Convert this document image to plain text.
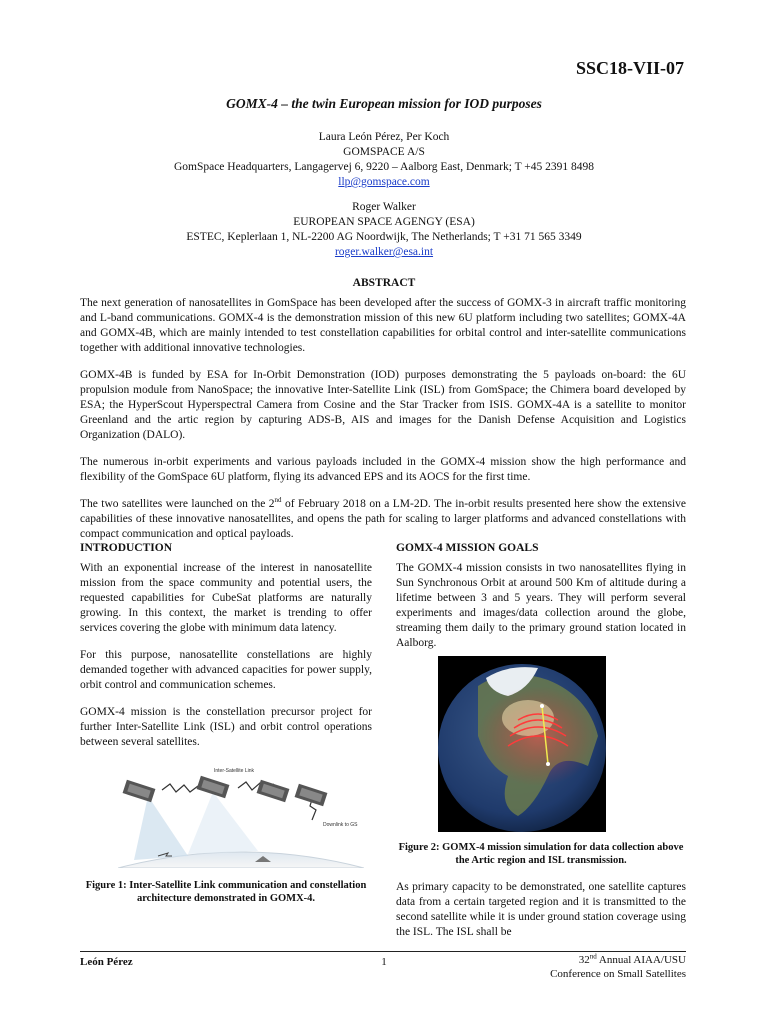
SSC18-VII-07
GOMX-4 – the twin European mission for IOD purposes
Laura León Pérez, Per Koch
GOMSPACE A/S
GomSpace Headquarters, Langagervej 6, 9220 – Aalborg East, Denmark; T +45 2391 8498
llp@gomspace.com
Roger Walker
EUROPEAN SPACE AGENGY (ESA)
ESTEC, Keplerlaan 1, NL-2200 AG Noordwijk, The Netherlands; T +31 71 565 3349
roger.walker@esa.int
ABSTRACT

The next generation of nanosatellites in GomSpace has been developed after the success of GOMX-3 in aircraft traffic monitoring and L-band communications. GOMX-4 is the demonstration mission of this new 6U platform including two satellites; GOMX-4A and GOMX-4B, which are mainly intended to test constellation capabilities for orbital control and inter-satellite communications together with additional innovative technologies.

GOMX-4B is funded by ESA for In-Orbit Demonstration (IOD) purposes demonstrating the 5 payloads on-board: the 6U propulsion module from NanoSpace; the innovative Inter-Satellite Link (ISL) from GomSpace; the Chimera board developed by ESA; the HyperScout Hyperspectral Camera from Cosine and the Star Tracker from ISIS. GOMX-4A is a satellite to monitor Greenland and the artic region by capturing ADS-B, AIS and images for the Danish Defense Acquisition and Logistics Organization (DALO).

The numerous in-orbit experiments and various payloads included in the GOMX-4 mission show the high performance and flexibility of the GomSpace 6U platform, flying its advanced EPS and its AOCS for the first time.

The two satellites were launched on the 2nd of February 2018 on a LM-2D. The in-orbit results presented here show the extensive capabilities of these innovative nanosatellites, and opens the path for scaling to larger platforms and advanced constellations with compact communication and optical payloads.

INTRODUCTION

With an exponential increase of the interest in nanosatellite mission from the space community and potential users, the requested capabilities for CubeSat platforms are naturally growing. In this context, the market is trending to offer services covering the globe with minimum data latency.

For this purpose, nanosatellite constellations are highly demanded together with advanced capacities for power supply, orbit control and communication schemes.

GOMX-4 mission is the constellation precursor project for further Inter-Satellite Link (ISL) and orbit control operations between several satellites.

Inter-Satellite Link
Downlink to GS
Figure 1: Inter-Satellite Link communication and constellation architecture demonstrated in GOMX-4.
GOMX-4 MISSION GOALS

The GOMX-4 mission consists in two nanosatellites flying in Sun Synchronous Orbit at around 500 Km of altitude during a lifetime between 3 and 5 years. They will perform several experiments and images/data collection around the globe, streaming them daily to the primary ground station located in Aalborg.

Figure 2: GOMX-4 mission simulation for data collection above the Artic region and ISL transmission.

As primary capacity to be demonstrated, one satellite captures data from a certain targeted region and it is transmitted to the second satellite while it is under ground station coverage using the ISL. The ISL shall be

León Pérez	1	32nd Annual AIAA/USU
Conference on Small Satellites
